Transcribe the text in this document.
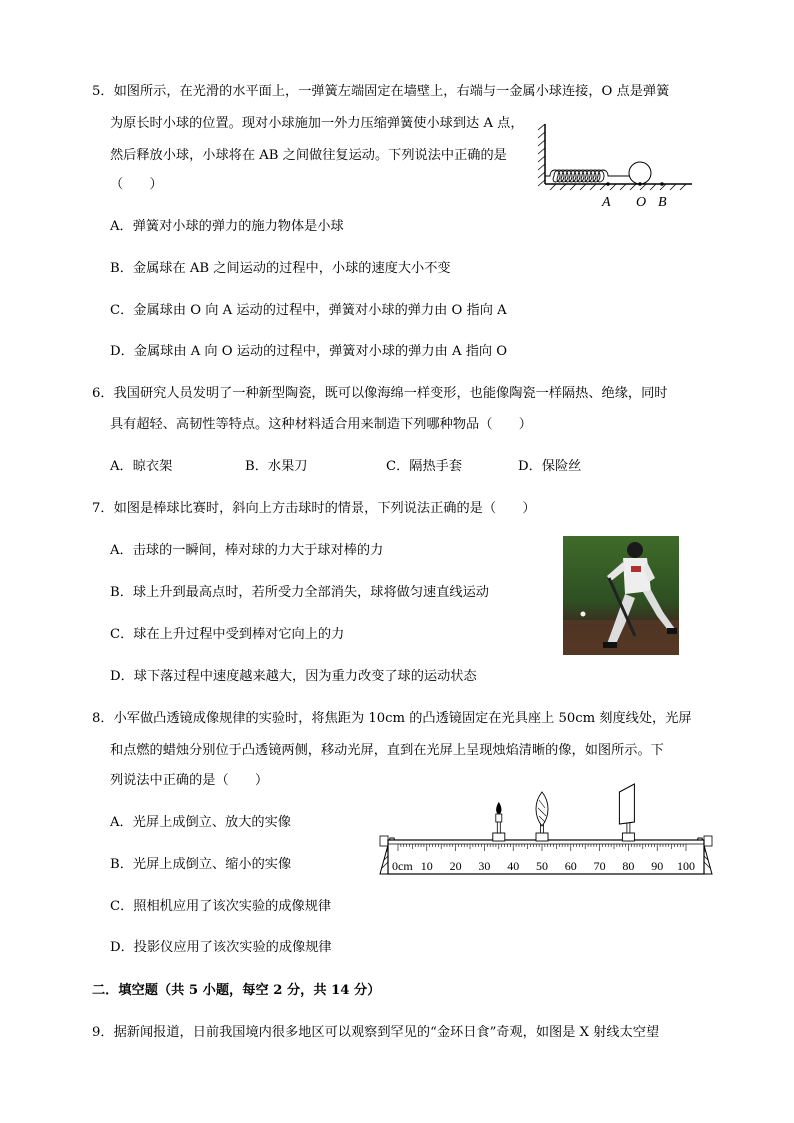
5．如图所示，在光滑的水平面上，一弹簧左端固定在墙壁上，右端与一金属小球连接，O 点是弹簧
为原长时小球的位置。现对小球施加一外力压缩弹簧使小球到达 A 点，
然后释放小球，小球将在 AB 之间做往复运动。下列说法中正确的是
（　　）
A O B
A．弹簧对小球的弹力的施力物体是小球
B．金属球在 AB 之间运动的过程中，小球的速度大小不变
C．金属球由 O 向 A 运动的过程中，弹簧对小球的弹力由 O 指向 A
D．金属球由 A 向 O 运动的过程中，弹簧对小球的弹力由 A 指向 O
6．我国研究人员发明了一种新型陶瓷，既可以像海绵一样变形，也能像陶瓷一样隔热、绝缘，同时
具有超轻、高韧性等特点。这种材料适合用来制造下列哪种物品（　　）
A．晾衣架	B．水果刀	C．隔热手套	D．保险丝
7．如图是棒球比赛时，斜向上方击球时的情景，下列说法正确的是（　　）
A．击球的一瞬间，棒对球的力大于球对棒的力
B．球上升到最高点时，若所受力全部消失，球将做匀速直线运动
C．球在上升过程中受到棒对它向上的力
D．球下落过程中速度越来越大，因为重力改变了球的运动状态
8．小军做凸透镜成像规律的实验时，将焦距为 10cm 的凸透镜固定在光具座上 50cm 刻度线处，光屏
和点燃的蜡烛分别位于凸透镜两侧，移动光屏，直到在光屏上呈现烛焰清晰的像，如图所示。下
列说法中正确的是（　　）
A．光屏上成倒立、放大的实像
B．光屏上成倒立、缩小的实像
C．照相机应用了该次实验的成像规律
D．投影仪应用了该次实验的成像规律
0cm 10 20 30 40 50 60 70 80 90 100
二．填空题（共 5 小题，每空 2 分，共 14 分）
9．据新闻报道，日前我国境内很多地区可以观察到罕见的“金环日食”奇观，如图是 X 射线太空望
